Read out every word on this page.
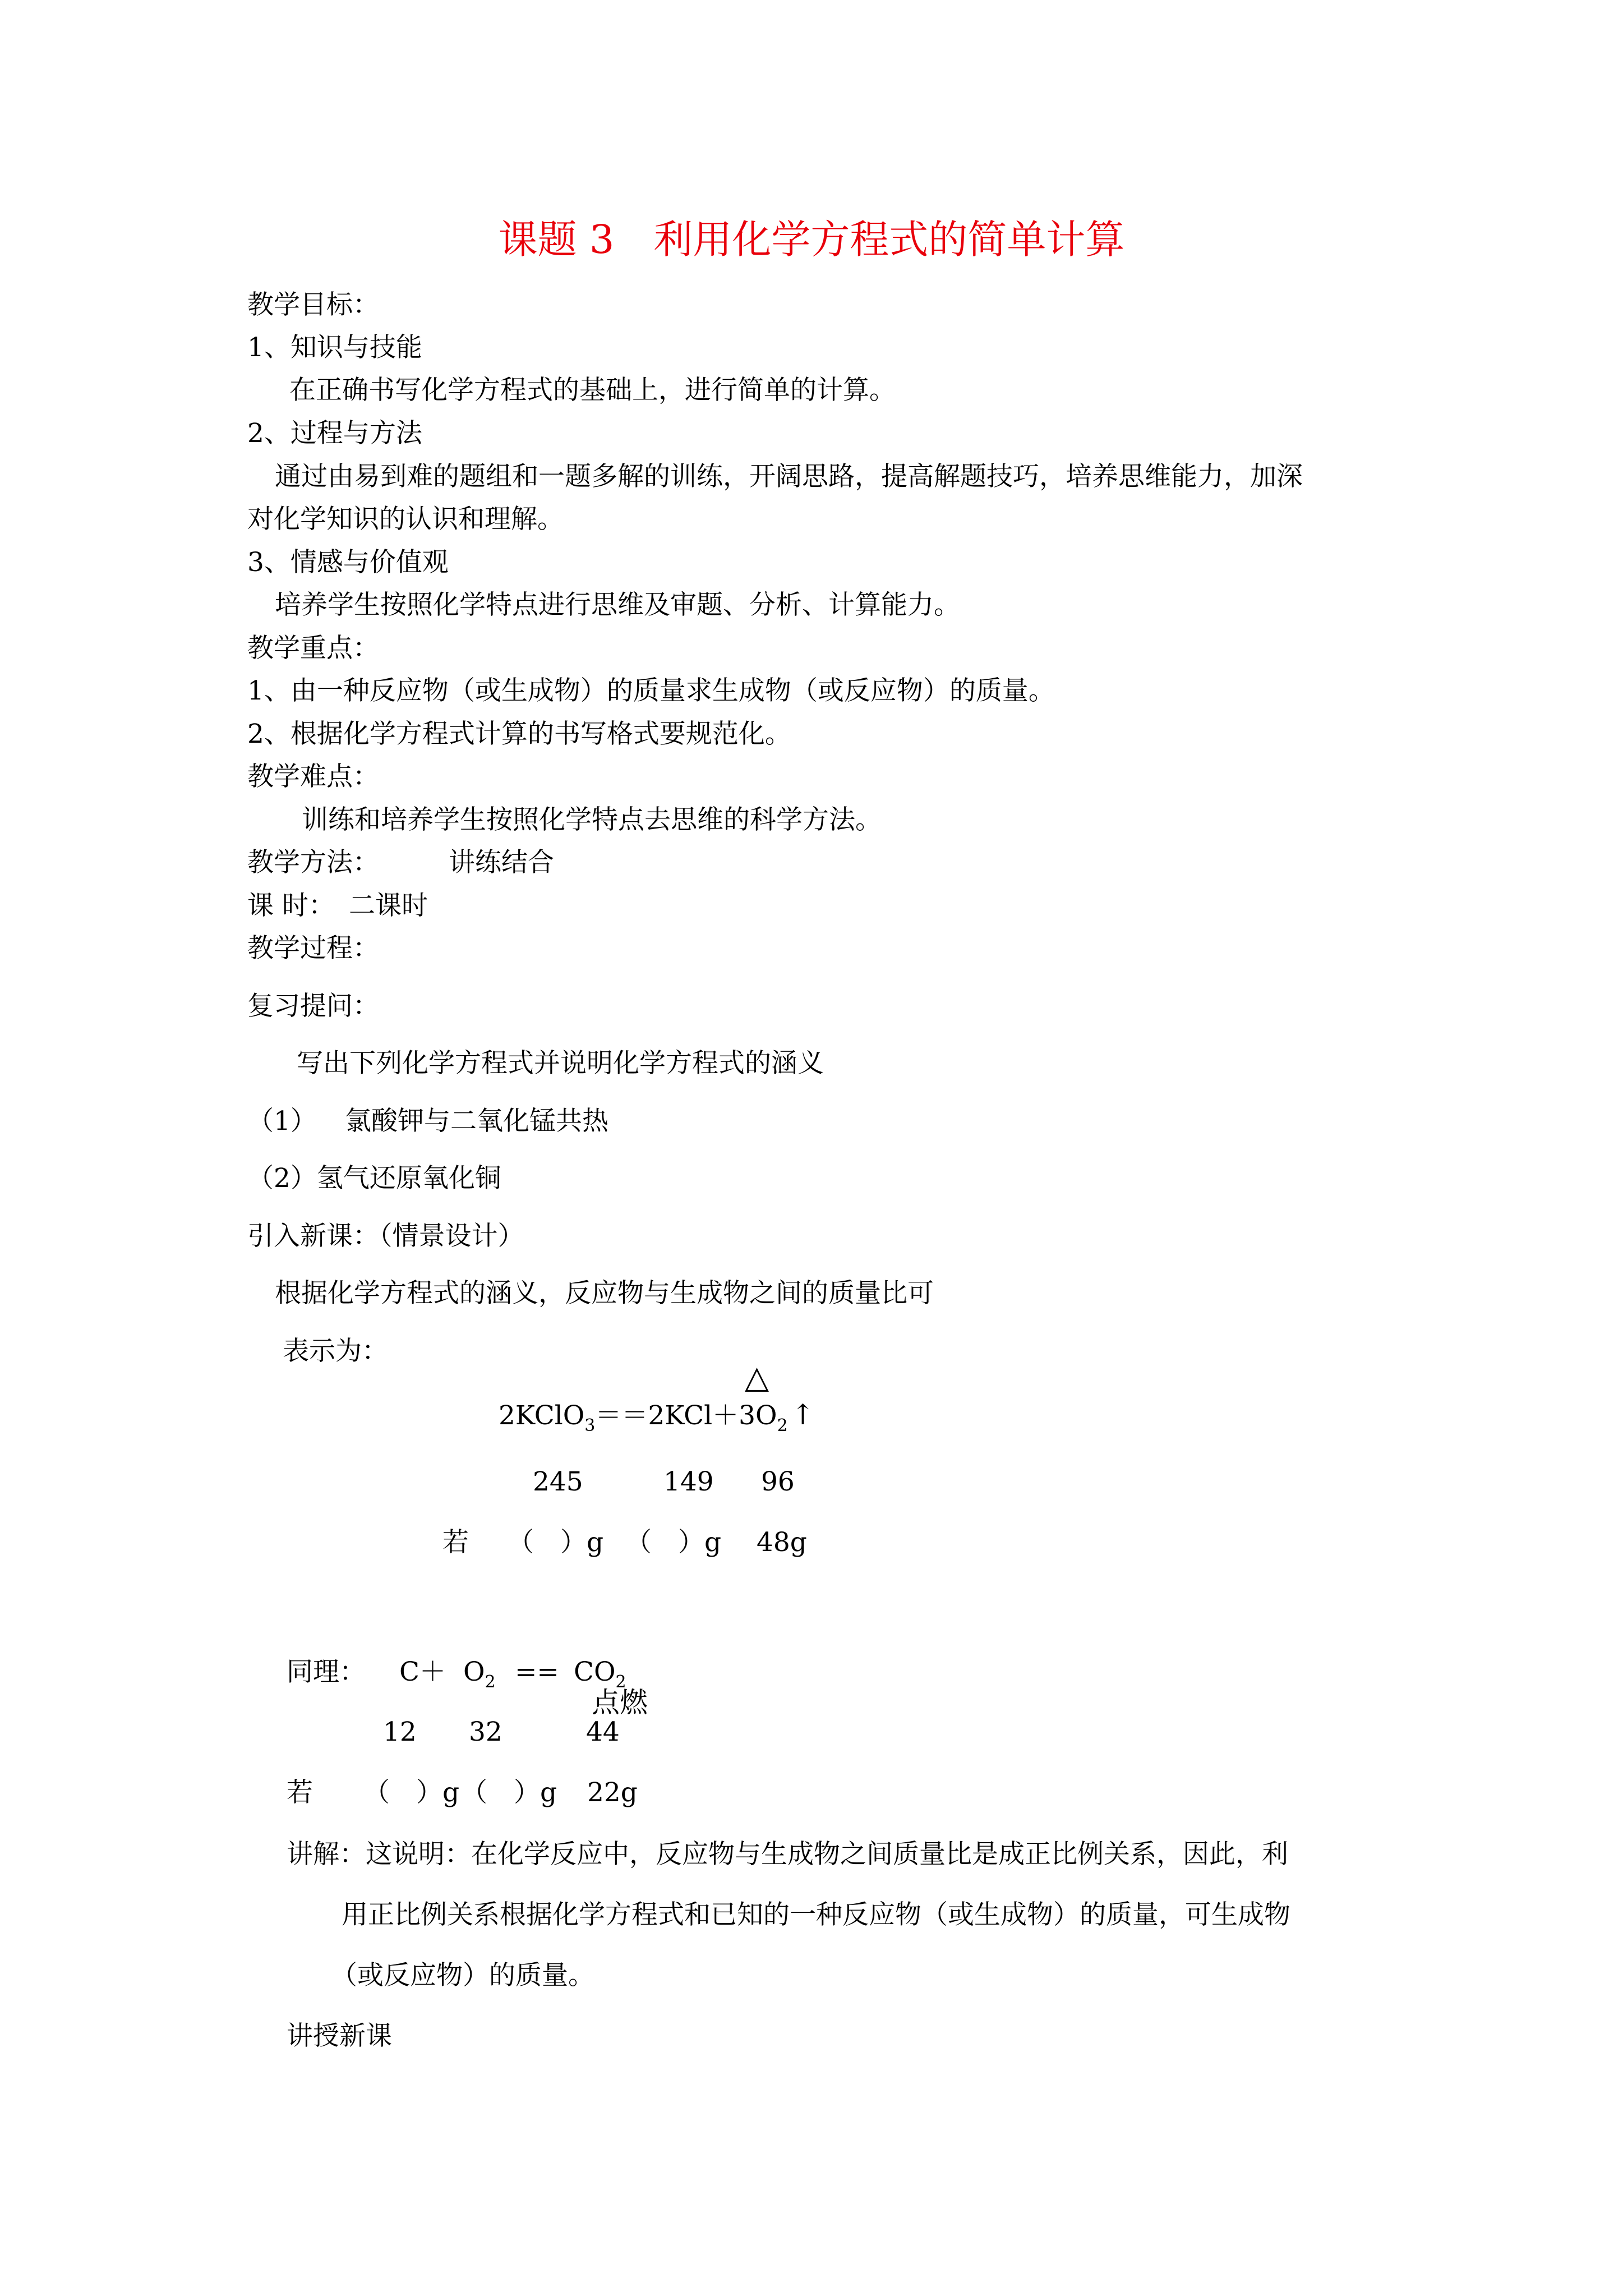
课题 3　利用化学方程式的简单计算
教学目标：
1、知识与技能
在正确书写化学方程式的基础上，进行简单的计算。
2、过程与方法
通过由易到难的题组和一题多解的训练，开阔思路，提高解题技巧，培养思维能力，加深
对化学知识的认识和理解。
3、情感与价值观
培养学生按照化学特点进行思维及审题、分析、计算能力。
教学重点：
1、由一种反应物（或生成物）的质量求生成物（或反应物）的质量。
2、根据化学方程式计算的书写格式要规范化。
教学难点：
训练和培养学生按照化学特点去思维的科学方法。
教学方法：	讲练结合
课 时： 二课时
教学过程：
复习提问：
写出下列化学方程式并说明化学方程式的涵义
（1） 氯酸钾与二氧化锰共热
（2）氢气还原氧化铜
引入新课：（情景设计）
根据化学方程式的涵义，反应物与生成物之间的质量比可
表示为：
△
$2KClO_3==2KCl+3O_2$ ↑
245	149 96
若 （　）g （　）g 48g
同理： $C+ O_2 == CO_2$
点燃
12 32	44
若 （　）g （　）g 22g
讲解：这说明：在化学反应中，反应物与生成物之间质量比是成正比例关系，因此，利
用正比例关系根据化学方程式和已知的一种反应物（或生成物）的质量，可生成物
（或反应物）的质量。
讲授新课
